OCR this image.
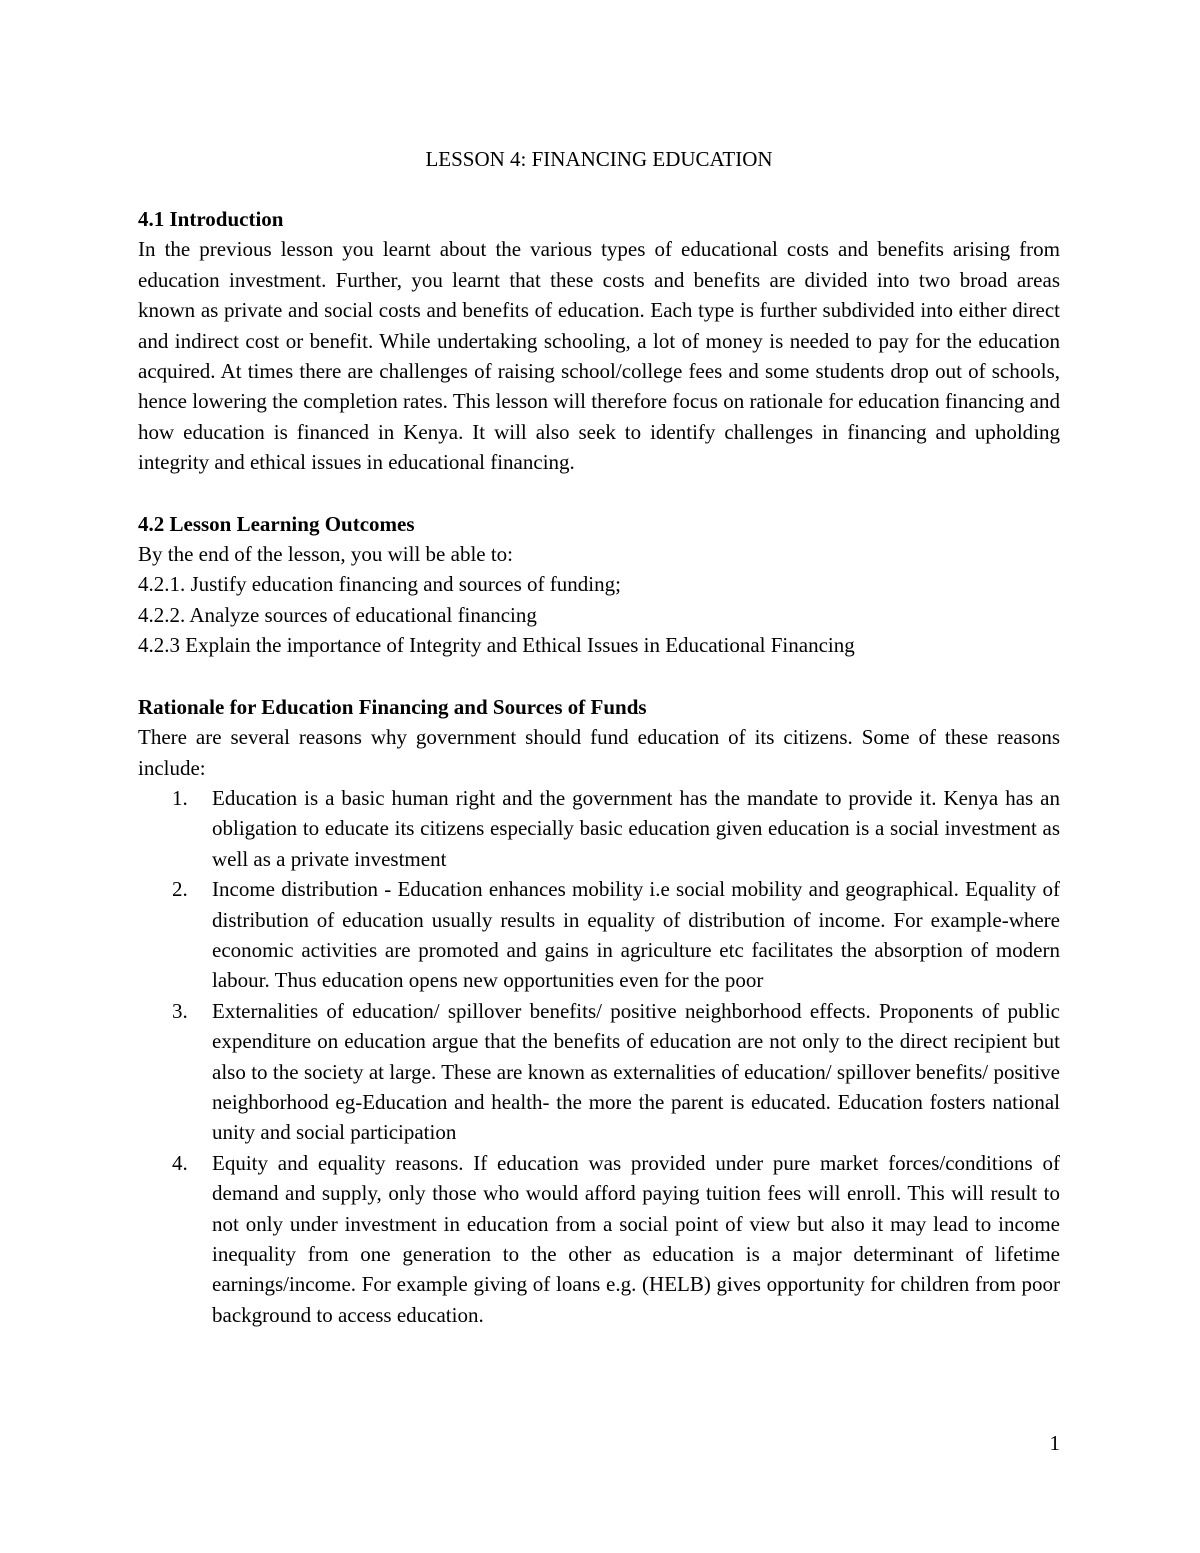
LESSON 4: FINANCING EDUCATION
4.1 Introduction

In the previous lesson you learnt about the various types of educational costs and benefits arising from education investment. Further, you learnt that these costs and benefits are divided into two broad areas known as private and social costs and benefits of education. Each type is further subdivided into either direct and indirect cost or benefit. While undertaking schooling, a lot of money is needed to pay for the education acquired. At times there are challenges of raising school/college fees and some students drop out of schools, hence lowering the completion rates. This lesson will therefore focus on rationale for education financing and how education is financed in Kenya. It will also seek to identify challenges in financing and upholding integrity and ethical issues in educational financing.

4.2 Lesson Learning Outcomes
By the end of the lesson, you will be able to:
4.2.1. Justify education financing and sources of funding;
4.2.2. Analyze sources of educational financing
4.2.3 Explain the importance of Integrity and Ethical Issues in Educational Financing
Rationale for Education Financing and Sources of Funds

There are several reasons why government should fund education of its citizens. Some of these reasons include:

1. Education is a basic human right and the government has the mandate to provide it. Kenya has an obligation to educate its citizens especially basic education given education is a social investment as well as a private investment
2. Income distribution - Education enhances mobility i.e social mobility and geographical. Equality of distribution of education usually results in equality of distribution of income. For example-where economic activities are promoted and gains in agriculture etc facilitates the absorption of modern labour. Thus education opens new opportunities even for the poor
3. Externalities of education/ spillover benefits/ positive neighborhood effects. Proponents of public expenditure on education argue that the benefits of education are not only to the direct recipient but also to the society at large. These are known as externalities of education/ spillover benefits/ positive neighborhood eg-Education and health- the more the parent is educated. Education fosters national unity and social participation
4. Equity and equality reasons. If education was provided under pure market forces/conditions of demand and supply, only those who would afford paying tuition fees will enroll. This will result to not only under investment in education from a social point of view but also it may lead to income inequality from one generation to the other as education is a major determinant of lifetime earnings/income. For example giving of loans e.g. (HELB) gives opportunity for children from poor background to access education.
1
